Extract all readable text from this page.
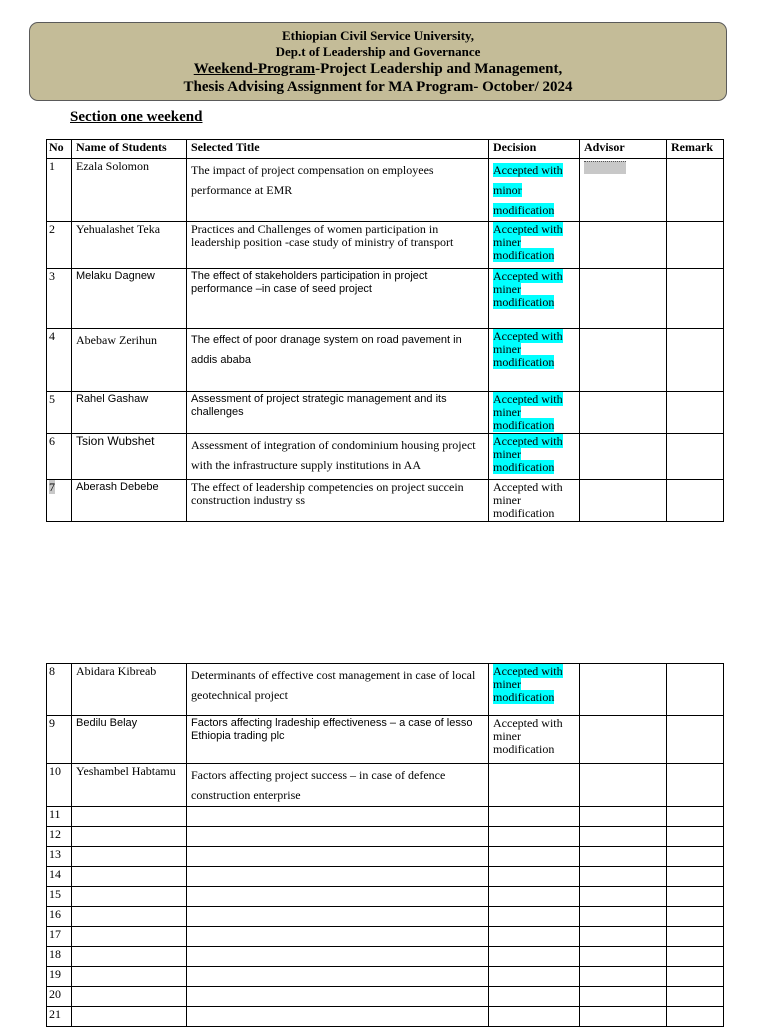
Ethiopian Civil Service University,
Dep.t of Leadership and Governance
Weekend-Program-Project Leadership and Management,
Thesis Advising Assignment for MA Program- October/ 2024
Section one weekend
No	Name of Students	Selected Title	Decision	Advisor	Remark
1	Ezala Solomon	The impact of project compensation on employees performance at EMR	Accepted with minor modification		
2	Yehualashet Teka	Practices and Challenges of women participation in leadership position -case study of ministry of transport	Accepted with miner modification		
3	Melaku Dagnew	The effect of stakeholders participation in project performance –in case of seed project	Accepted with miner modification		
4	Abebaw Zerihun	The effect of poor dranage system on road pavement in addis ababa	Accepted with miner modification		
5	Rahel Gashaw	Assessment of project strategic management and its challenges	Accepted with miner modification		
6	Tsion Wubshet	Assessment of integration of condominium housing project with the infrastructure supply institutions in AA	Accepted with miner modification		
7	Aberash Debebe	The effect of leadership competencies on project succein construction industry ss	Accepted with miner modification		
8	Abidara Kibreab	Determinants of effective cost management in case of local geotechnical project	Accepted with miner modification		
9	Bedilu Belay	Factors affecting lradeship effectiveness – a case of lesso Ethiopia trading plc	Accepted with miner modification		
10	Yeshambel Habtamu	Factors affecting project success – in case of defence construction enterprise			
11					
12					
13					
14					
15					
16					
17					
18					
19					
20					
21					
